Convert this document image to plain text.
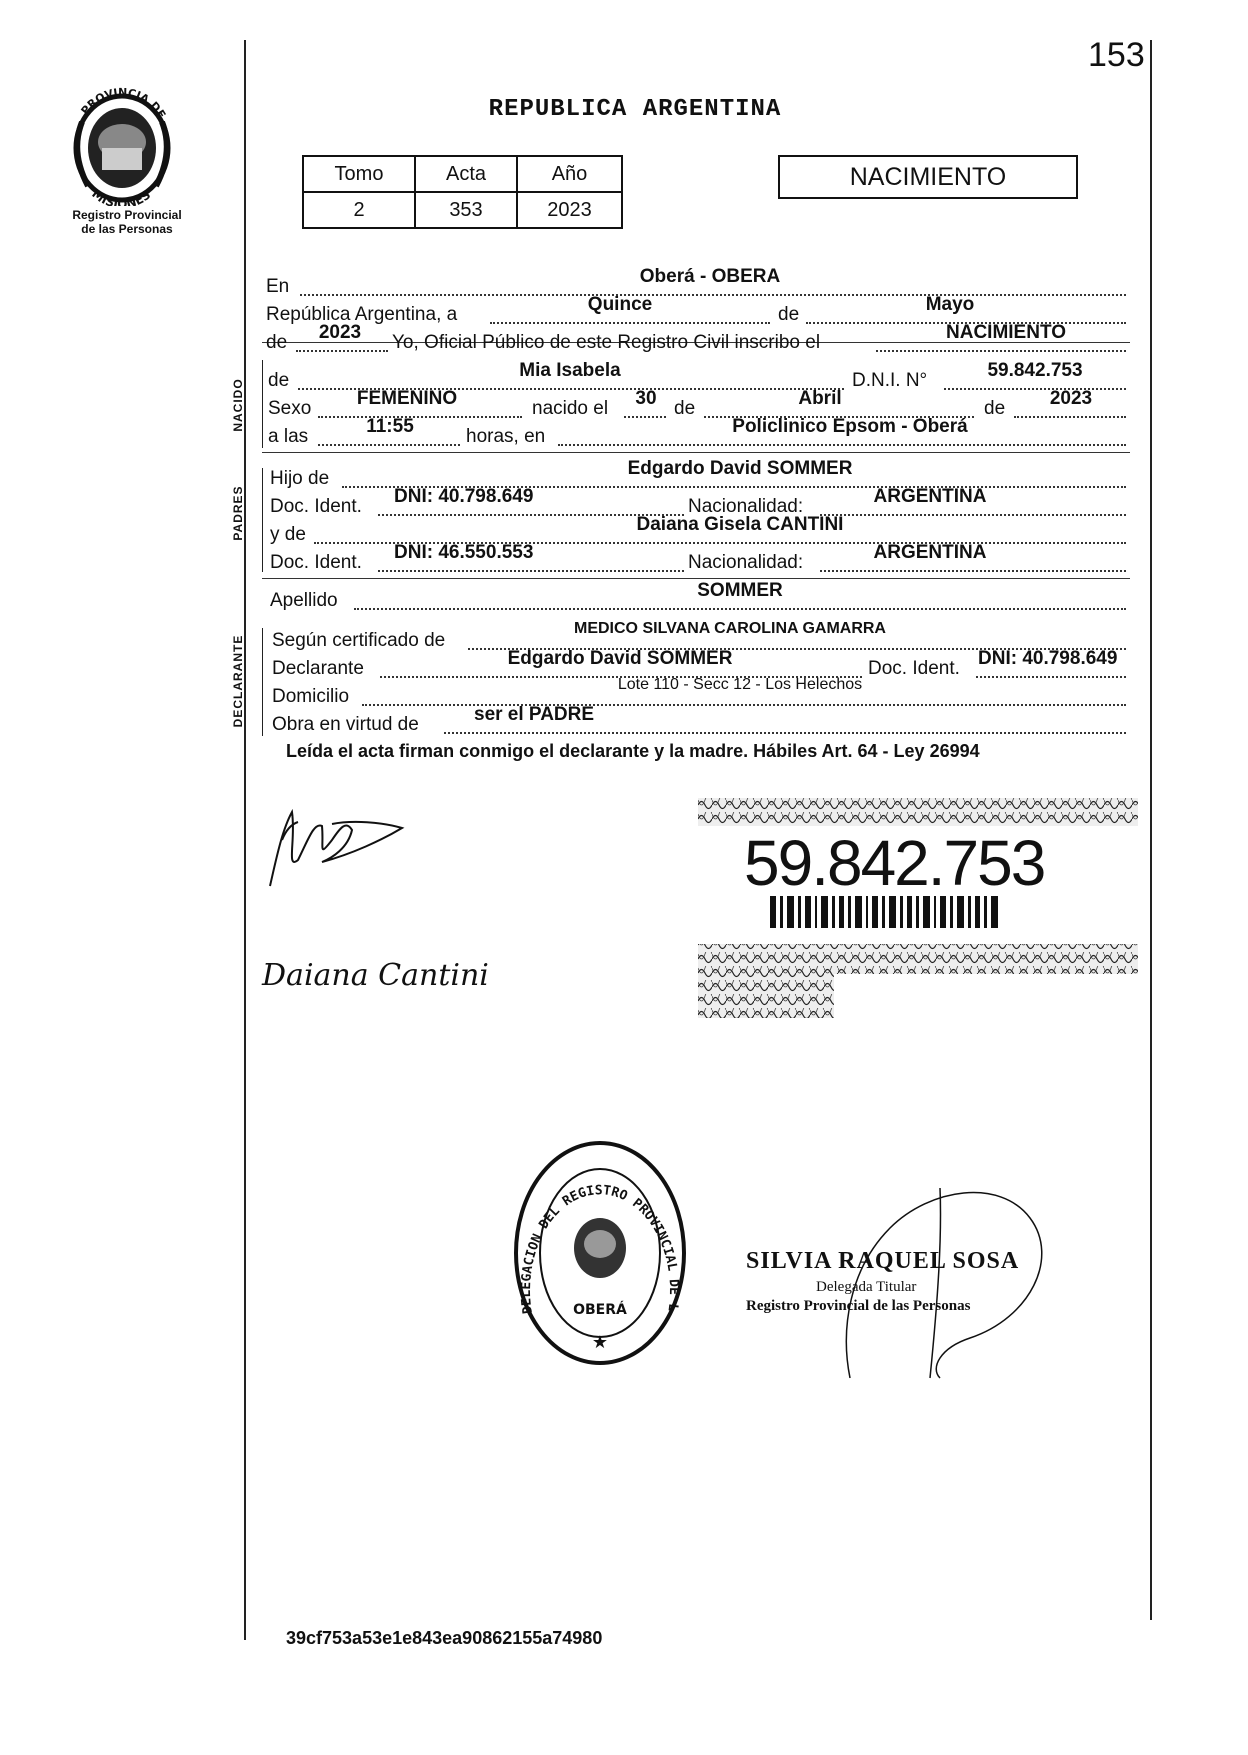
153
PROVINCIA DE
MISIONES
Registro Provincial
de las Personas
REPUBLICA ARGENTINA
Tomo	Acta	Año
2	353	2023
NACIMIENTO
NACIDO
PADRES
DECLARANTE
En	Oberá - OBERA
República Argentina, a	Quince	de	Mayo
de	2023	Yo, Oficial Público de este Registro Civil inscribo el	NACIMIENTO
de	Mia Isabela	D.N.I. N°	59.842.753
Sexo	FEMENINO	nacido el	30 de	Abril	de	2023
a las	11:55	horas, en	Policlinico Epsom - Oberá
Hijo de	Edgardo David SOMMER
Doc. Ident. DNI: 40.798.649	Nacionalidad:	ARGENTINA
y de	Daiana Gisela CANTINI
Doc. Ident. DNI: 46.550.553	Nacionalidad:	ARGENTINA
Apellido	SOMMER
Según certificado de
MEDICO SILVANA CAROLINA GAMARRA
Declarante	Edgardo David SOMMER	Doc. Ident. DNI: 40.798.649
Domicilio
Lote 110 - Secc 12 - Los Helechos
Obra en virtud de	ser el PADRE
Leída el acta firman conmigo el declarante y la madre. Hábiles Art. 64 - Ley 26994
Daiana Cantini
59.842.753
DELEGACION DEL REGISTRO PROVINCIAL DE L
OBERÁ
★
SILVIA RAQUEL SOSA
Delegada Titular
Registro Provincial de las Personas
39cf753a53e1e843ea90862155a74980
